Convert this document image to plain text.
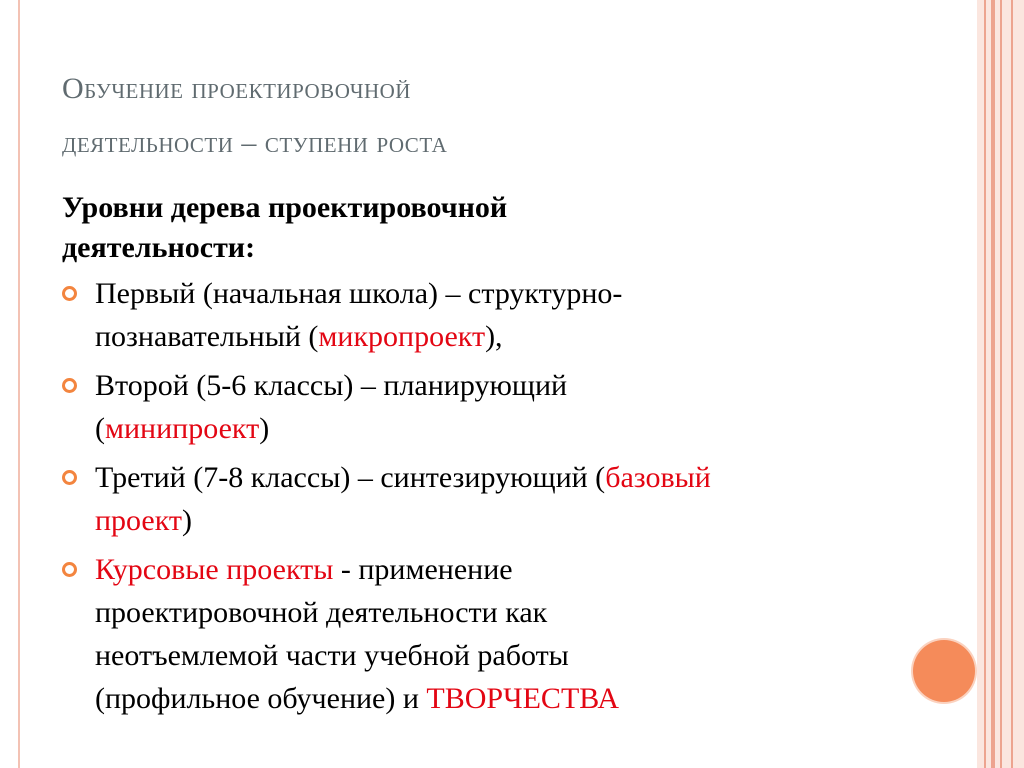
Обучение проектировочной
деятельности – ступени роста

Уровни дерева проектировочной
деятельности:

Первый (начальная школа) – структурно-
познавательный (микропроект),
Второй (5-6 классы) – планирующий
(минипроект)
Третий (7-8 классы) – синтезирующий (базовый
проект)
Курсовые проекты - применение
проектировочной деятельности как
неотъемлемой части учебной работы
(профильное обучение) и ТВОРЧЕСТВА
